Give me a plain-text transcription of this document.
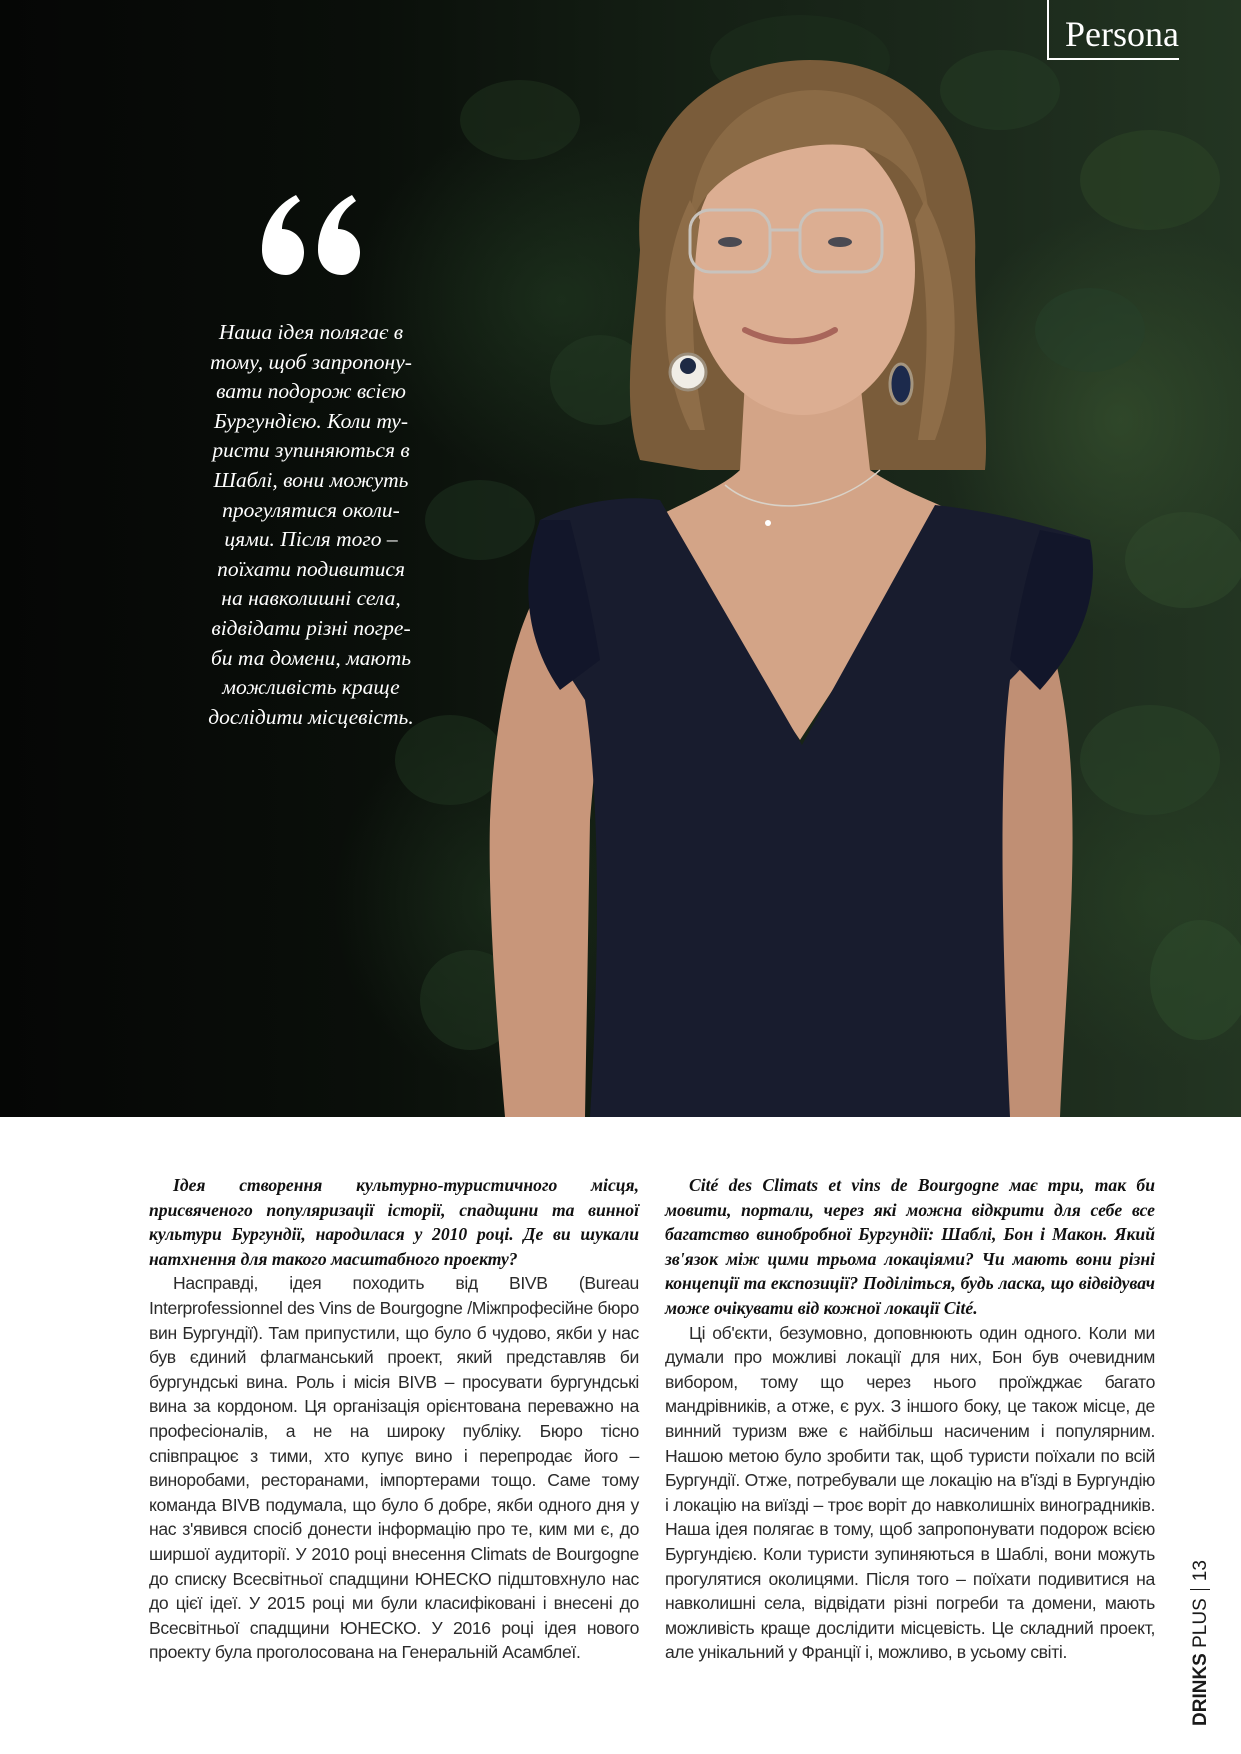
Persona

Наша ідея полягає в
тому, щоб запропону-
вати подорож всією
Бургундією. Коли ту-
ристи зупиняються в
Шаблі, вони можуть
прогулятися околи-
цями. Після того –
поїхати подивитися
на навколишні села,
відвідати різні погре-
би та домени, мають
можливість краще
дослідити місцевість.

Ідея створення культурно-туристичного місця, присвяченого популяризації історії, спадщини та винної культури Бургундії, народилася у 2010 році. Де ви шукали натхнення для такого масштабного проекту?

Насправді, ідея походить від BIVB (Bureau Interprofessionnel des Vins de Bourgogne /Міжпрофесійне бюро вин Бургундії). Там припустили, що було б чудово, якби у нас був єдиний флагманський проект, який представляв би бургундські вина. Роль і місія BIVB – просувати бургундські вина за кордоном. Ця організація орієнтована переважно на професіоналів, а не на широку публіку. Бюро тісно співпрацює з тими, хто купує вино і перепродає його – виноробами, ресторанами, імпортерами тощо. Саме тому команда BIVB подумала, що було б добре, якби одного дня у нас з'явився спосіб донести інформацію про те, ким ми є, до ширшої аудиторії. У 2010 році внесення Climats de Bourgogne до списку Всесвітньої спадщини ЮНЕСКО підштовхнуло нас до цієї ідеї. У 2015 році ми були класифіковані і внесені до Всесвітньої спадщини ЮНЕСКО. У 2016 році ідея нового проекту була проголосована на Генеральній Асамблеї.

Cité des Climats et vins de Bourgogne має три, так би мовити, портали, через які можна відкрити для себе все багатство винобробної Бургундії: Шаблі, Бон і Макон. Який зв'язок між цими трьома локаціями? Чи мають вони різні концепції та експозиції? Поділіться, будь ласка, що відвідувач може очікувати від кожної локації Cité.

Ці об'єкти, безумовно, доповнюють один одного. Коли ми думали про можливі локації для них, Бон був очевидним вибором, тому що через нього проїжджає багато мандрівників, а отже, є рух. З іншого боку, це також місце, де винний туризм вже є найбільш насиченим і популярним. Нашою метою було зробити так, щоб туристи поїхали по всій Бургундії. Отже, потребували ще локацію на в'їзді в Бургундію і локацію на виїзді – троє воріт до навколишніх виноградників. Наша ідея полягає в тому, щоб запропонувати подорож всією Бургундією. Коли туристи зупиняються в Шаблі, вони можуть прогулятися околицями. Після того – поїхати подивитися на навколишні села, відвідати різні погреби та домени, мають можливість краще дослідити місцевість. Це складний проект, але унікальний у Франції і, можливо, в усьому світі.

DRINKS PLUS13
